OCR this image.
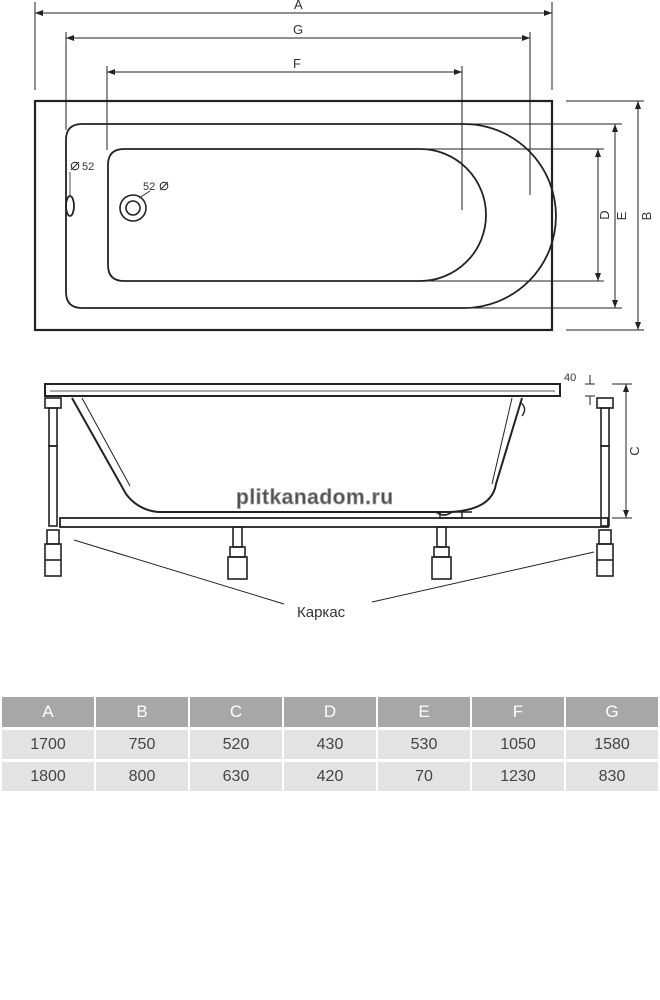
A
G
F
52
52
D E B
40
C
Каркас
plitkanadom.ru
A	B	C	D	E	F	G
1700	750	520	430	530	1050	1580
1800	800	630	420	70	1230	830
